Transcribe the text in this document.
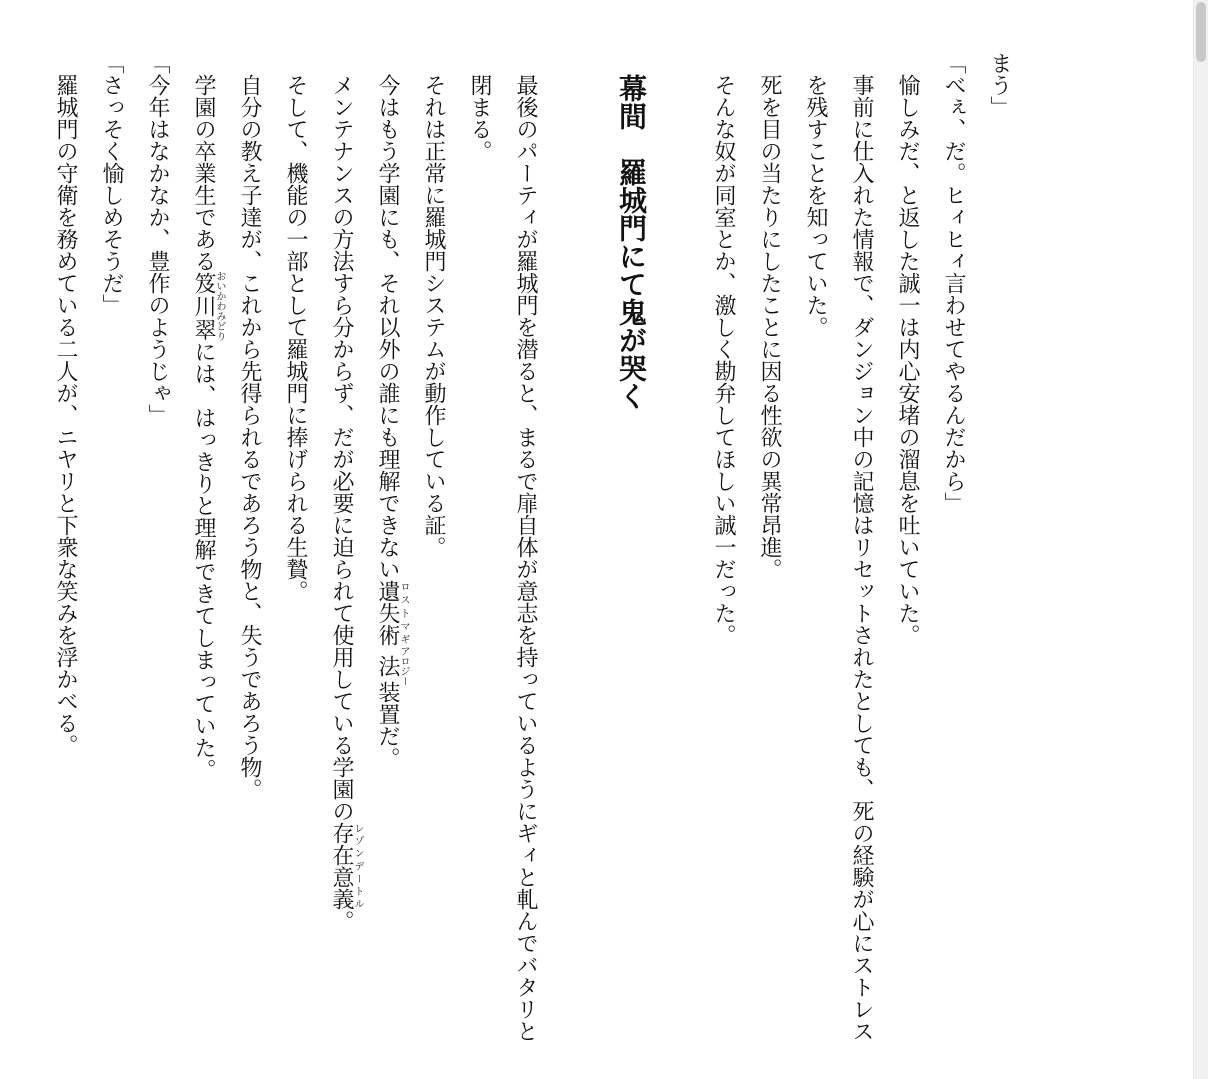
まう」
「べぇ、だ。ヒィヒィ言わせてやるんだから」
愉しみだ、と返した誠一は内心安堵の溜息を吐いていた。
事前に仕入れた情報で、ダンジョン中の記憶はリセットされたとしても、死の経験が心にストレスを残すことを知っていた。
死を目の当たりにしたことに因る性欲の異常昂進。
そんな奴が同室とか、激しく勘弁してほしい誠一だった。
幕間　羅城門にて鬼が哭く
最後のパーティが羅城門を潜ると、まるで扉自体が意志を持っているようにギィと軋んでバタリと閉まる。
それは正常に羅城門システムが動作している証。
今はもう学園にも、それ以外の誰にも理解できない遺失術ロストマギ法アロジー装置だ。
メンテナンスの方法すら分からず、だが必要に迫られて使用している学園の存在意義レゾンデートル。
そして、機能の一部として羅城門に捧げられる生贄。
自分の教え子達が、これから先得られるであろう物と、失うであろう物。
学園の卒業生である笈川翠おいかわみどりには、はっきりと理解できてしまっていた。
「今年はなかなか、豊作のようじゃ」
「さっそく愉しめそうだ」
羅城門の守衛を務めている二人が、ニヤリと下衆な笑みを浮かべる。
